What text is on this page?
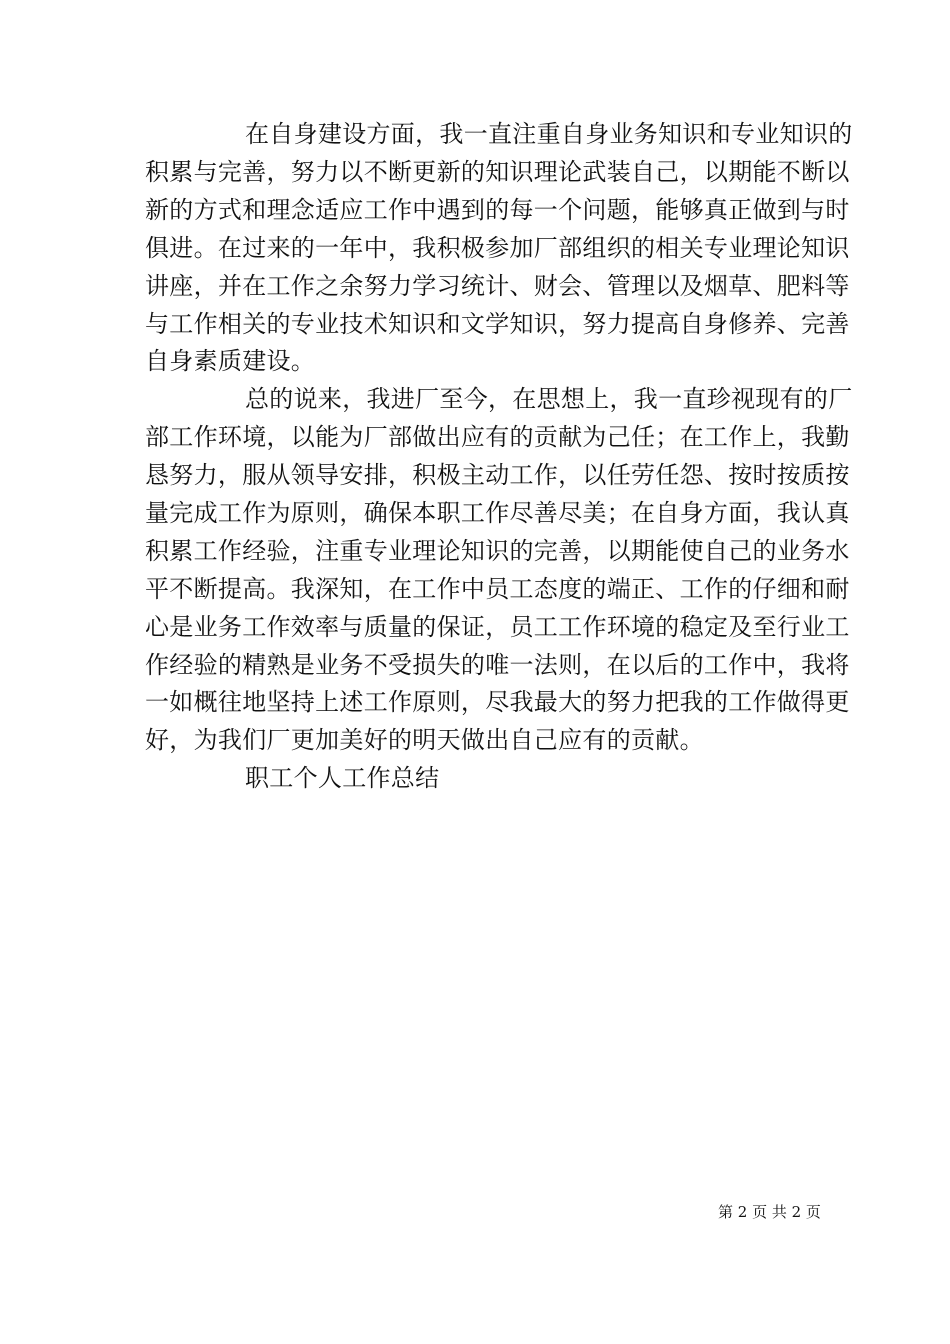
在自身建设方面，我一直注重自身业务知识和专业知识的
积累与完善，努力以不断更新的知识理论武装自己，以期能不断以
新的方式和理念适应工作中遇到的每一个问题，能够真正做到与时
俱进。在过来的一年中，我积极参加厂部组织的相关专业理论知识
讲座，并在工作之余努力学习统计、财会、管理以及烟草、肥料等
与工作相关的专业技术知识和文学知识，努力提高自身修养、完善
自身素质建设。
总的说来，我进厂至今，在思想上，我一直珍视现有的厂
部工作环境，以能为厂部做出应有的贡献为己任；在工作上，我勤
恳努力，服从领导安排，积极主动工作，以任劳任怨、按时按质按
量完成工作为原则，确保本职工作尽善尽美；在自身方面，我认真
积累工作经验，注重专业理论知识的完善，以期能使自己的业务水
平不断提高。我深知，在工作中员工态度的端正、工作的仔细和耐
心是业务工作效率与质量的保证，员工工作环境的稳定及至行业工
作经验的精熟是业务不受损失的唯一法则，在以后的工作中，我将
一如概往地坚持上述工作原则，尽我最大的努力把我的工作做得更
好，为我们厂更加美好的明天做出自己应有的贡献。
职工个人工作总结
第 2 页 共 2 页
